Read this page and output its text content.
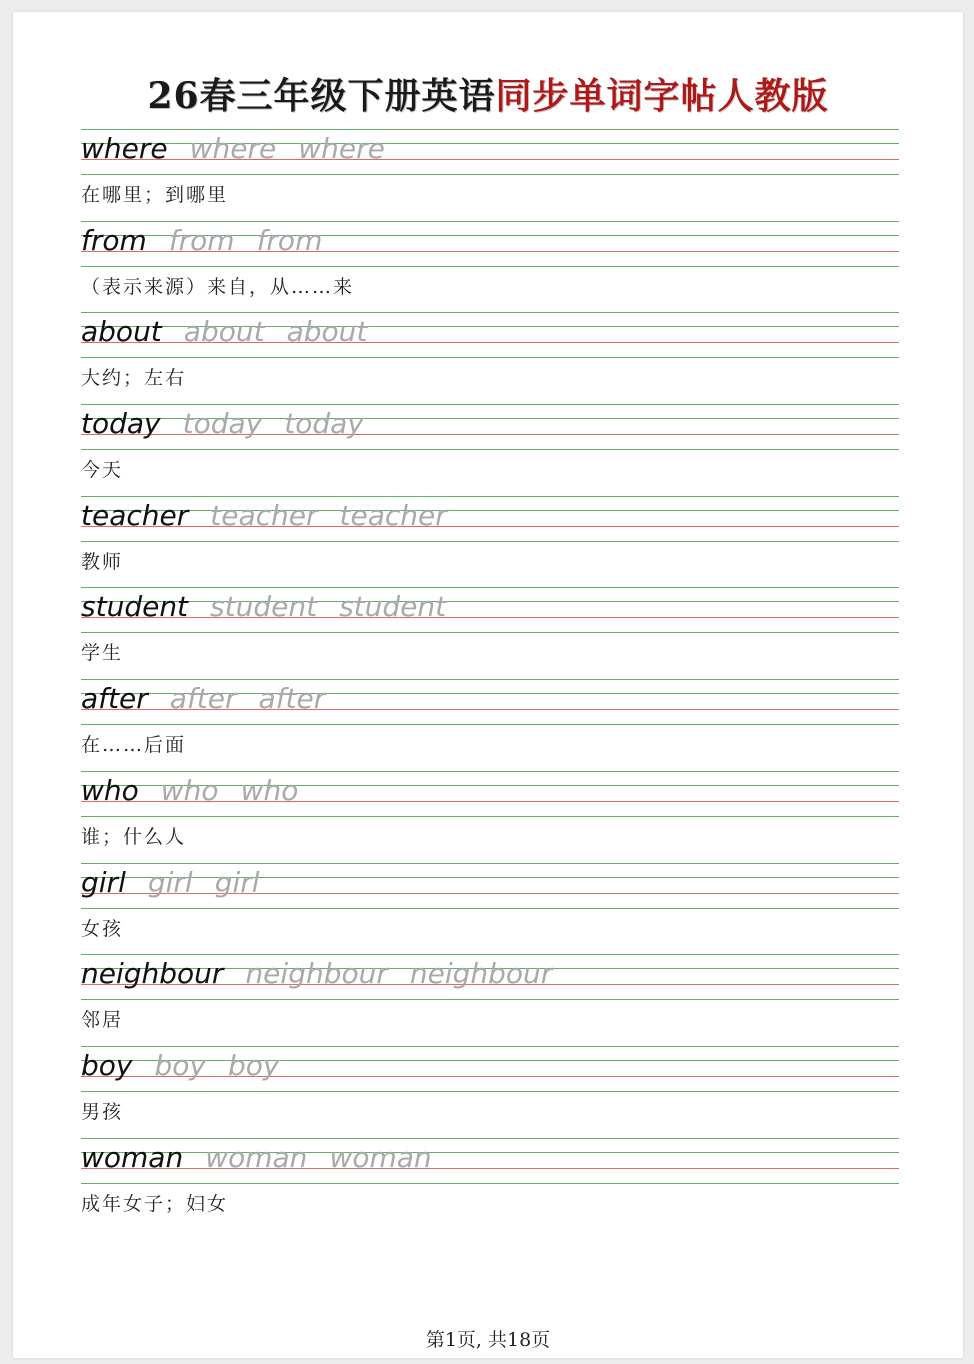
26春三年级下册英语同步单词字帖人教版
where where where
在哪里；到哪里
from from from
（表示来源）来自，从……来
about about about
大约；左右
today today today
今天
teacher teacher teacher
教师
student student student
学生
after after after
在……后面
who who who
谁；什么人
girl girl girl
女孩
neighbour neighbour neighbour
邻居
boy boy boy
男孩
woman woman woman
成年女子；妇女
第1页, 共18页
